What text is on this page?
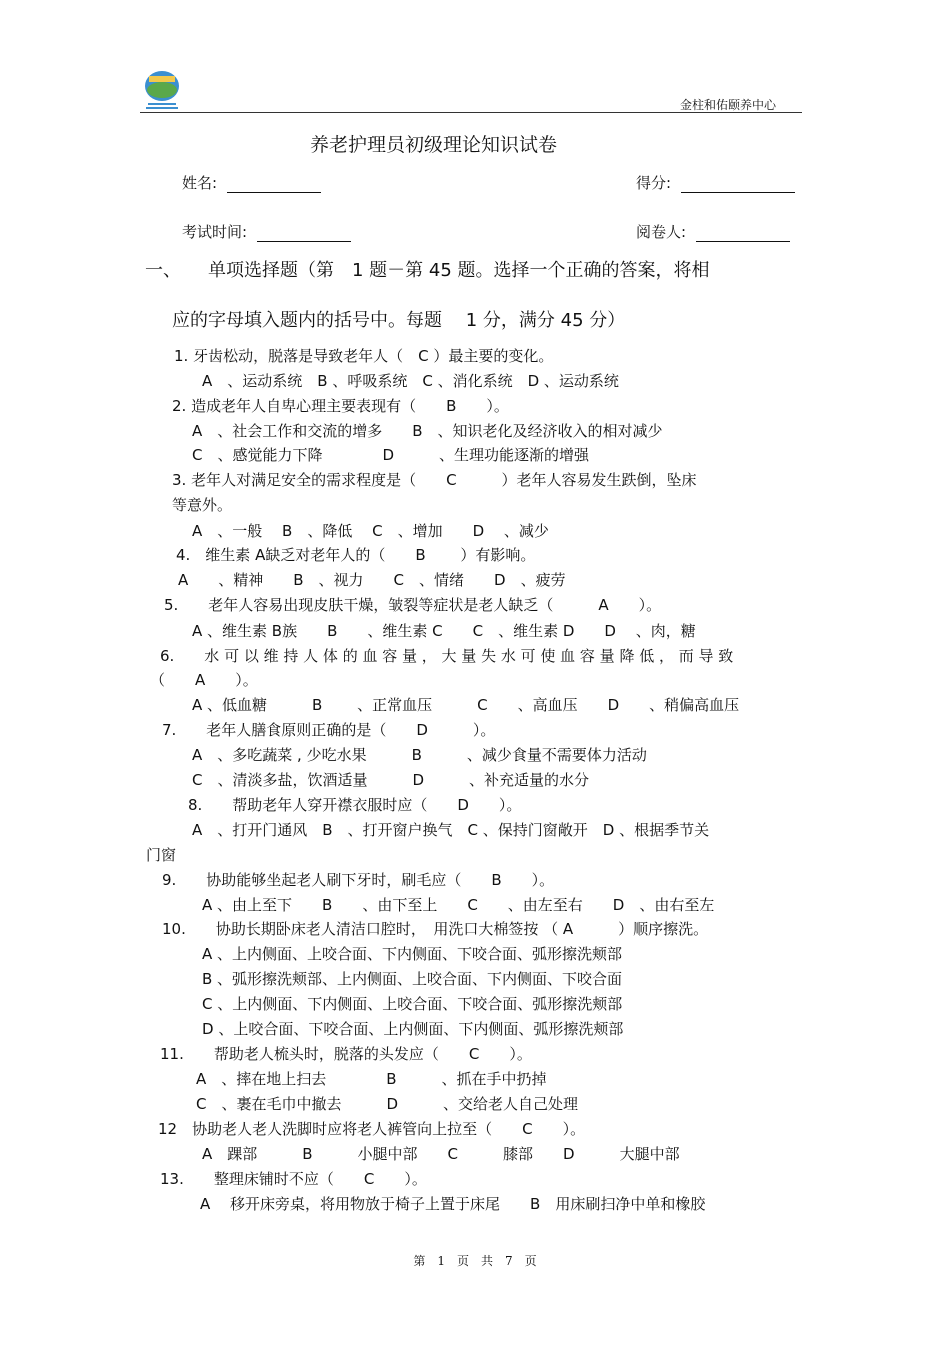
金柱和佑颐养中心
养老护理员初级理论知识试卷
姓名:	得分:
考试时间:	阅卷人:
一、　　单项选择题（第　1 题－第 45 题。选择一个正确的答案，将相
应的字母填入题内的括号中。每题　 1 分，满分 45 分）
1. 牙齿松动，脱落是导致老年人（　C ）最主要的变化。
A　、运动系统　B 、呼吸系统　C 、消化系统　D 、运动系统
2. 造成老年人自卑心理主要表现有（　　B　　）。
A　、社会工作和交流的增多　　B　、知识老化及经济收入的相对减少
C　、感觉能力下降　　　　D　　　、生理功能逐渐的增强
3. 老年人对满足安全的需求程度是（　　C　　　）老年人容易发生跌倒，坠床
等意外。
A　、一般　 B　、降低　 C　、增加　　D　 、减少
4.　维生素 A缺乏对老年人的（　　B　　 ）有影响。
A　　、精神　　B　、视力　　C　、情绪　　D　、疲劳
5.　　老年人容易出现皮肤干燥，皱裂等症状是老人缺乏（　　　A　　）。
A 、维生素 B族　　B　　、维生素 C　　C　、维生素 D　　D　 、肉，糖
6.　　水 可 以 维 持 人 体 的 血 容 量 ， 大 量 失 水 可 使 血 容 量 降 低 ， 而 导 致
（　　A　　）。
A 、低血糖　　　B　　 、正常血压　　　C　　、高血压　　D　　、稍偏高血压
7.　　老年人膳食原则正确的是（　　D　　　）。
A　、多吃蔬菜 , 少吃水果　　　B　　　、减少食量不需要体力活动
C　、清淡多盐，饮酒适量　　　D　　　、补充适量的水分
8.　　帮助老年人穿开襟衣服时应（　　D　　）。
A　、打开门通风　B　、打开窗户换气　C 、保持门窗敞开　D 、根据季节关
门窗
9.　　协助能够坐起老人刷下牙时，刷毛应（　　B　　）。
A 、由上至下　　B　　、由下至上　　C　　、由左至右　　D　、由右至左
10.　　协助长期卧床老人清洁口腔时，　用洗口大棉签按 （ A　　　）顺序擦洗。
A 、上内侧面、上咬合面、下内侧面、下咬合面、弧形擦洗颊部
B 、弧形擦洗颊部、上内侧面、上咬合面、下内侧面、下咬合面
C 、上内侧面、下内侧面、上咬合面、下咬合面、弧形擦洗颊部
D 、上咬合面、下咬合面、上内侧面、下内侧面、弧形擦洗颊部
11.　　帮助老人梳头时，脱落的头发应（　　C　　）。
A　、摔在地上扫去　　　　B　　　、抓在手中扔掉
C　、裹在毛巾中撤去　　　D　　　、交给老人自己处理
12　协助老人老人洗脚时应将老人裤管向上拉至（　　C　　）。
A　踝部　　　B　　　小腿中部　　C　　　膝部　　D　　　大腿中部
13.　　整理床铺时不应（　　C　　）。
A　 移开床旁桌，将用物放于椅子上置于床尾　　B　用床刷扫净中单和橡胶
第　1　页　共　7　页
